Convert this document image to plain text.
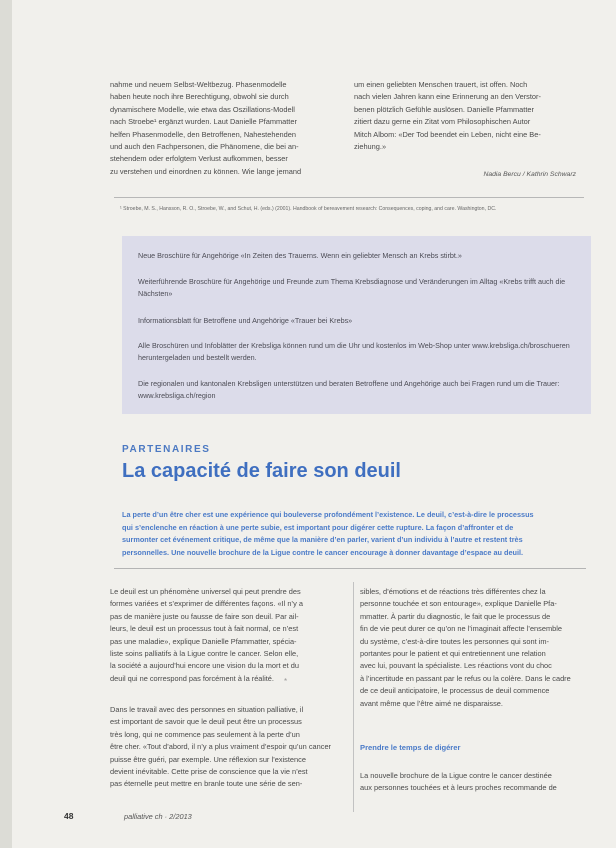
nahme und neuem Selbst-Weltbezug. Phasenmodelle
haben heute noch ihre Berechtigung, obwohl sie durch
dynamischere Modelle, wie etwa das Oszillations-Modell
nach Stroebe¹ ergänzt wurden. Laut Danielle Pfammatter
helfen Phasenmodelle, den Betroffenen, Nahestehenden
und auch den Fachpersonen, die Phänomene, die bei an-
stehendem oder erfolgtem Verlust aufkommen, besser
zu verstehen und einordnen zu können. Wie lange jemand
um einen geliebten Menschen trauert, ist offen. Noch
nach vielen Jahren kann eine Erinnerung an den Verstor-
benen plötzlich Gefühle auslösen. Danielle Pfammatter
zitiert dazu gerne ein Zitat vom Philosophischen Autor
Mitch Albom: «Der Tod beendet ein Leben, nicht eine Be-
ziehung.»
Nadia Bercu / Kathrin Schwarz
¹ Stroebe, M. S., Hansson, R. O., Stroebe, W., and Schut, H. (eds.) (2001). Handbook of bereavement research: Consequences, coping, and care. Washington, DC.

Neue Broschüre für Angehörige «In Zeiten des Trauerns. Wenn ein geliebter Mensch an Krebs stirbt.»

Weiterführende Broschüre für Angehörige und Freunde zum Thema Krebsdiagnose und Veränderungen im Alltag «Krebs trifft auch die Nächsten»

Informationsblatt für Betroffene und Angehörige «Trauer bei Krebs»

Alle Broschüren und Infoblätter der Krebsliga können rund um die Uhr und kostenlos im Web-Shop unter www.krebsliga.ch/broschueren heruntergeladen und bestellt werden.

Die regionalen und kantonalen Krebsligen unterstützen und beraten Betroffene und Angehörige auch bei Fragen rund um die Trauer: www.krebsliga.ch/region

PARTENAIRES
La capacité de faire son deuil
La perte d’un être cher est une expérience qui bouleverse profondément l’existence. Le deuil, c’est-à-dire le processus
qui s’enclenche en réaction à une perte subie, est important pour digérer cette rupture. La façon d’affronter et de
surmonter cet événement critique, de même que la manière d’en parler, varient d’un individu à l’autre et restent très
personnelles. Une nouvelle brochure de la Ligue contre le cancer encourage à donner davantage d’espace au deuil.
Le deuil est un phénomène universel qui peut prendre des
formes variées et s’exprimer de différentes façons. «Il n’y a
pas de manière juste ou fausse de faire son deuil. Par ail-
leurs, le deuil est un processus tout à fait normal, ce n’est
pas une maladie», explique Danielle Pfammatter, spécia-
liste soins palliatifs à la Ligue contre le cancer. Selon elle,
la société a aujourd’hui encore une vision du la mort et du
deuil qui ne correspond pas forcément à la réalité.	*
Dans le travail avec des personnes en situation palliative, il
est important de savoir que le deuil peut être un processus
très long, qui ne commence pas seulement à la perte d’un
être cher. «Tout d’abord, il n’y a plus vraiment d’espoir qu’un cancer
puisse être guéri, par exemple. Une réflexion sur l’existence
devient inévitable. Cette prise de conscience que la vie n’est
pas éternelle peut mettre en branle toute une série de sen-
sibles, d’émotions et de réactions très différentes chez la
personne touchée et son entourage», explique Danielle Pfa-
mmatter. À partir du diagnostic, le fait que le processus de
fin de vie peut durer ce qu’on ne l’imaginait affecte l’ensemble
du système, c’est-à-dire toutes les personnes qui sont im-
portantes pour le patient et qui entretiennent une relation
avec lui, pouvant la spécialiste. Les réactions vont du choc
à l’incertitude en passant par le refus ou la colère. Dans le cadre
de ce deuil anticipatoire, le processus de deuil commence
avant même que l’être aimé ne disparaisse.
Prendre le temps de digérer
La nouvelle brochure de la Ligue contre le cancer destinée
aux personnes touchées et à leurs proches recommande de
48	palliative ch · 2/2013
